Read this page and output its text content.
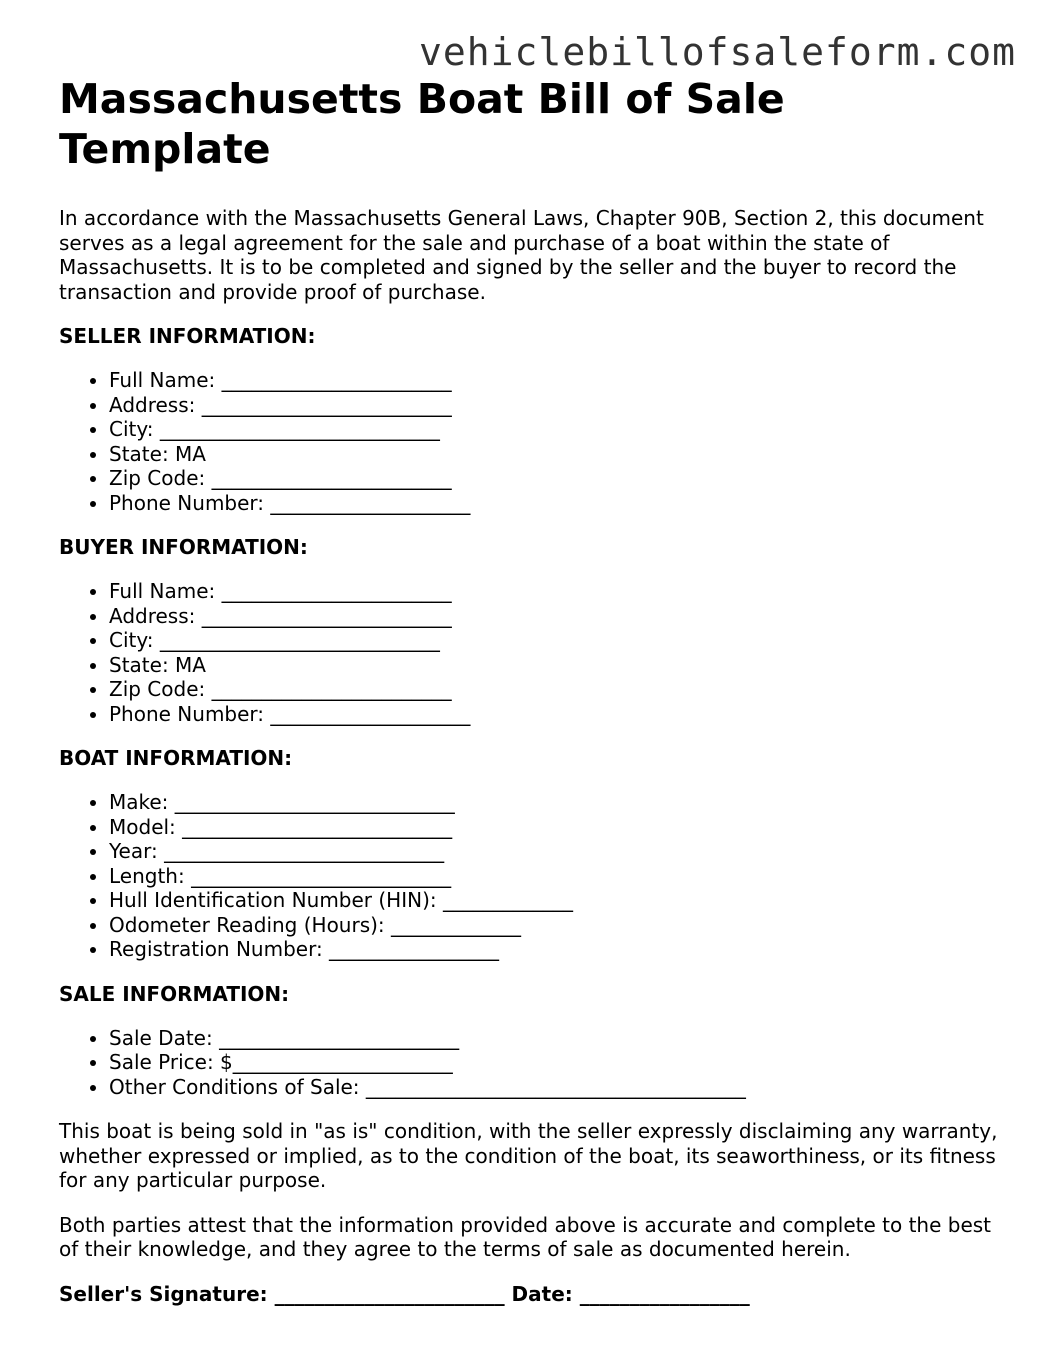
vehiclebillofsaleform.com
Massachusetts Boat Bill of Sale Template

In accordance with the Massachusetts General Laws, Chapter 90B, Section 2, this document serves as a legal agreement for the sale and purchase of a boat within the state of Massachusetts. It is to be completed and signed by the seller and the buyer to record the transaction and provide proof of purchase.

SELLER INFORMATION:
• Full Name: _______________________
• Address: _________________________
• City: ____________________________
• State: MA
• Zip Code: ________________________
• Phone Number: ____________________
BUYER INFORMATION:
• Full Name: _______________________
• Address: _________________________
• City: ____________________________
• State: MA
• Zip Code: ________________________
• Phone Number: ____________________
BOAT INFORMATION:
• Make: ____________________________
• Model: ___________________________
• Year: ____________________________
• Length: __________________________
• Hull Identification Number (HIN): _____________
• Odometer Reading (Hours): _____________
• Registration Number: _________________
SALE INFORMATION:
• Sale Date: ________________________
• Sale Price: $______________________
• Other Conditions of Sale: ______________________________________

This boat is being sold in "as is" condition, with the seller expressly disclaiming any warranty, whether expressed or implied, as to the condition of the boat, its seaworthiness, or its fitness for any particular purpose.

Both parties attest that the information provided above is accurate and complete to the best of their knowledge, and they agree to the terms of sale as documented herein.

Seller's Signature: _______________________ Date: _________________
